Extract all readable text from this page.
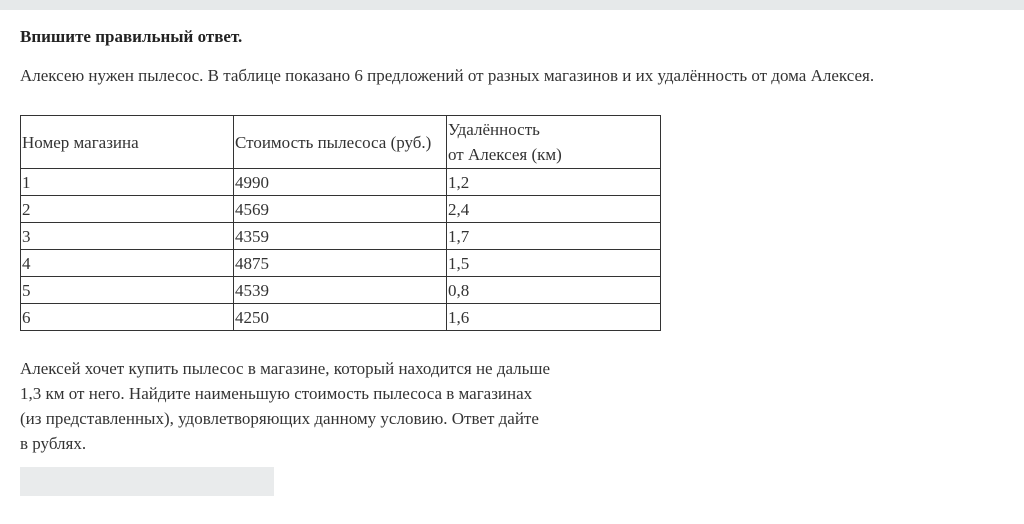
Впишите правильный ответ.

Алексею нужен пылесос. В таблице показано 6 предложений от разных магазинов и их удалённость от дома Алексея.

Номер магазина	Стоимость пылесоса (руб.)	Удалённость
от Алексея (км)
1	4990	1,2
2	4569	2,4
3	4359	1,7
4	4875	1,5
5	4539	0,8
6	4250	1,6

Алексей хочет купить пылесос в магазине, который находится не дальше
1,3 км от него. Найдите наименьшую стоимость пылесоса в магазинах
(из представленных), удовлетворяющих данному условию. Ответ дайте
в рублях.
